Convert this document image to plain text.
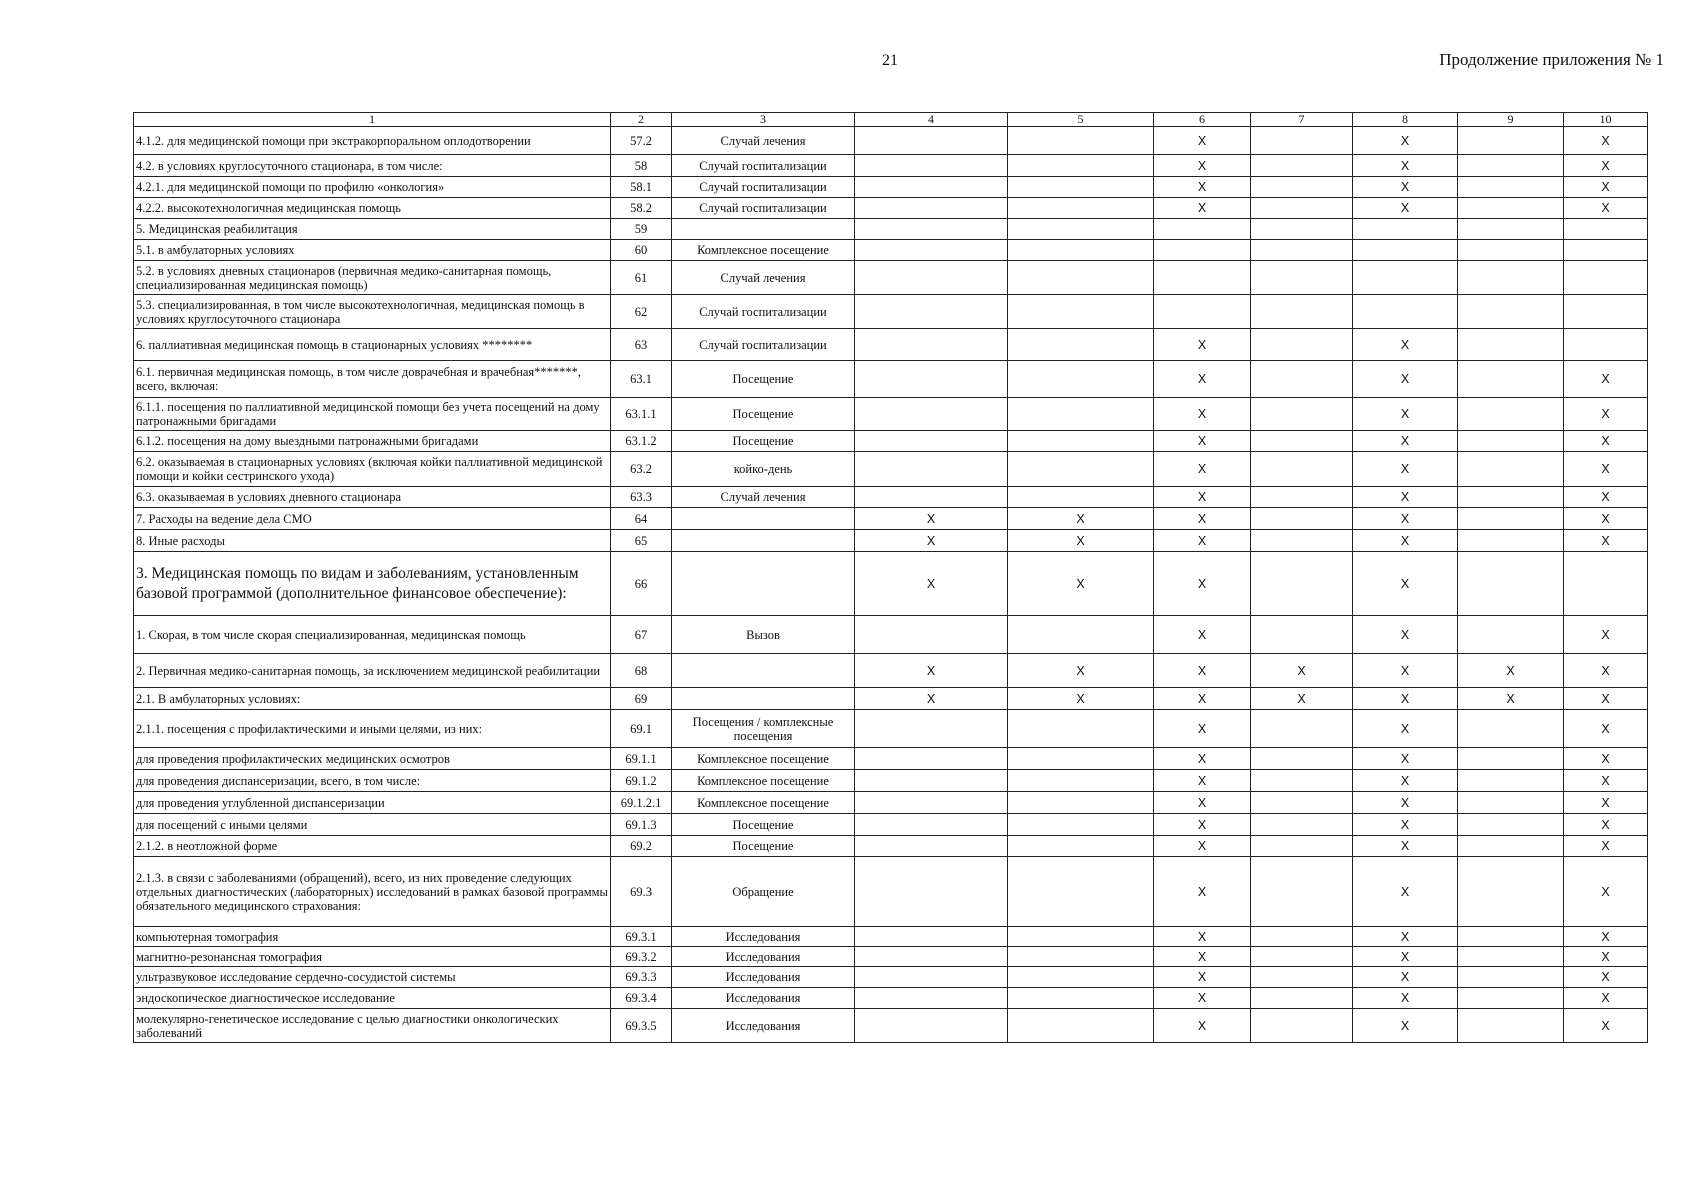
21	Продолжение приложения № 1
1	2	3	4	5	6	7	8	9	10
4.1.2. для медицинской помощи при экстракорпоральном оплодотворении	57.2	Случай лечения			X		X		X
4.2. в условиях круглосуточного стационара, в том числе:	58	Случай госпитализации			X		X		X
4.2.1. для медицинской помощи по профилю «онкология»	58.1	Случай госпитализации			X		X		X
4.2.2. высокотехнологичная медицинская помощь	58.2	Случай госпитализации			X		X		X
5. Медицинская реабилитация	59								
5.1. в амбулаторных условиях	60	Комплексное посещение							
5.2. в условиях дневных стационаров (первичная медико-санитарная помощь, специализированная медицинская помощь)	61	Случай лечения							
5.3. специализированная, в том числе высокотехнологичная, медицинская помощь в условиях круглосуточного стационара	62	Случай госпитализации							
6. паллиативная медицинская помощь в стационарных условиях ********	63	Случай госпитализации			X		X		
6.1. первичная медицинская помощь, в том числе доврачебная и врачебная*******, всего, включая:	63.1	Посещение			X		X		X
6.1.1. посещения по паллиативной медицинской помощи без учета посещений на дому патронажными бригадами	63.1.1	Посещение			X		X		X
6.1.2. посещения на дому выездными патронажными бригадами	63.1.2	Посещение			X		X		X
6.2. оказываемая в стационарных условиях (включая койки паллиативной медицинской помощи и койки сестринского ухода)	63.2	койко-день			X		X		X
6.3. оказываемая в условиях дневного стационара	63.3	Случай лечения			X		X		X
7. Расходы на ведение дела СМО	64		X	X	X		X		X
8. Иные расходы	65		X	X	X		X		X
3. Медицинская помощь по видам и заболеваниям, установленным базовой программой (дополнительное финансовое обеспечение):	66		X	X	X		X		
1. Скорая, в том числе скорая специализированная, медицинская помощь	67	Вызов			X		X		X
2. Первичная медико-санитарная помощь, за исключением медицинской реабилитации	68		X	X	X	X	X	X	X
2.1. В амбулаторных условиях:	69		X	X	X	X	X	X	X
2.1.1. посещения с профилактическими и иными целями, из них:	69.1	Посещения / комплексные посещения			X		X		X
для проведения профилактических медицинских осмотров	69.1.1	Комплексное посещение			X		X		X
для проведения диспансеризации, всего, в том числе:	69.1.2	Комплексное посещение			X		X		X
для проведения углубленной диспансеризации	69.1.2.1	Комплексное посещение			X		X		X
для посещений с иными целями	69.1.3	Посещение			X		X		X
2.1.2. в неотложной форме	69.2	Посещение			X		X		X
2.1.3. в связи с заболеваниями (обращений), всего, из них проведение следующих отдельных диагностических (лабораторных) исследований в рамках базовой программы обязательного медицинского страхования:	69.3	Обращение			X		X		X
компьютерная томография	69.3.1	Исследования			X		X		X
магнитно-резонансная томография	69.3.2	Исследования			X		X		X
ультразвуковое исследование сердечно-сосудистой системы	69.3.3	Исследования			X		X		X
эндоскопическое диагностическое исследование	69.3.4	Исследования			X		X		X
молекулярно-генетическое исследование с целью диагностики онкологических заболеваний	69.3.5	Исследования			X		X		X
